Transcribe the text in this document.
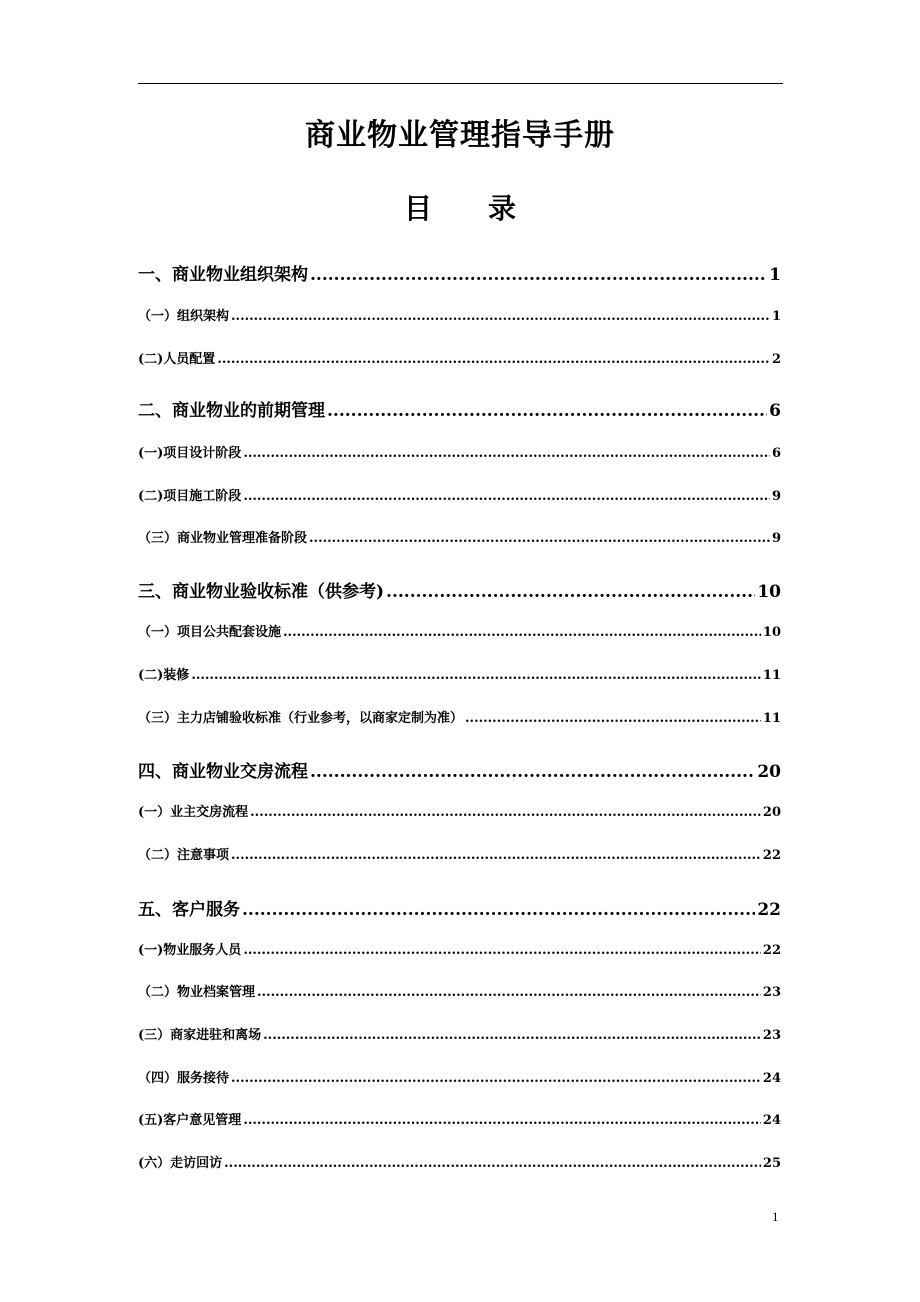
商业物业管理指导手册
目 录
一、商业物业组织架构 .....	1
（一）组织架构 .....	1
(二)人员配置 .....	2
二、商业物业的前期管理 .....	6
(一)项目设计阶段 .....	6
(二)项目施工阶段 .....	9
（三）商业物业管理准备阶段 .....	9
三、商业物业验收标准（供参考) .....	10
（一）项目公共配套设施 .....	10
(二)装修 .....	11
（三）主力店铺验收标准（行业参考，以商家定制为准） .....	11
四、商业物业交房流程 .....	20
(一）业主交房流程 .....	20
（二）注意事项 .....	22
五、客户服务 .....	22
(一)物业服务人员 .....	22
（二）物业档案管理 .....	23
(三）商家进驻和离场 .....	23
（四）服务接待 .....	24
(五)客户意见管理 .....	24
(六）走访回访 .....	25
1
